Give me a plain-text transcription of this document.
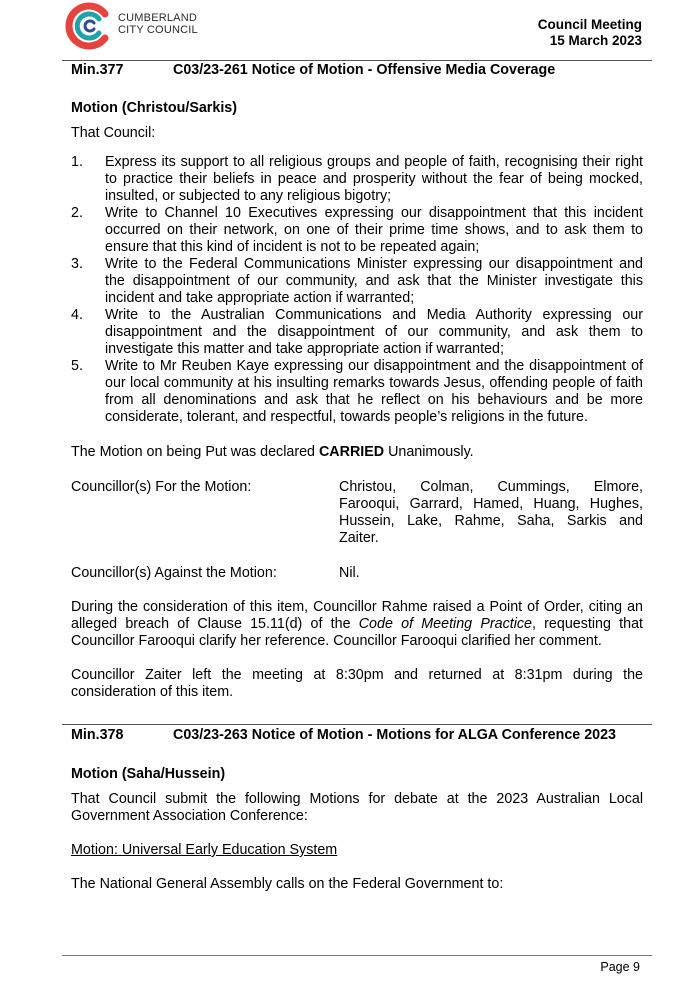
CUMBERLAND
CITY COUNCIL	Council Meeting
15 March 2023
Min.377	C03/23-261 Notice of Motion - Offensive Media Coverage
Motion (Christou/Sarkis)
That Council:
1. Express its support to all religious groups and people of faith, recognising their right to practice their beliefs in peace and prosperity without the fear of being mocked, insulted, or subjected to any religious bigotry;
2. Write to Channel 10 Executives expressing our disappointment that this incident occurred on their network, on one of their prime time shows, and to ask them to ensure that this kind of incident is not to be repeated again;
3. Write to the Federal Communications Minister expressing our disappointment and the disappointment of our community, and ask that the Minister investigate this incident and take appropriate action if warranted;
4. Write to the Australian Communications and Media Authority expressing our disappointment and the disappointment of our community, and ask them to investigate this matter and take appropriate action if warranted;
5. Write to Mr Reuben Kaye expressing our disappointment and the disappointment of our local community at his insulting remarks towards Jesus, offending people of faith from all denominations and ask that he reflect on his behaviours and be more considerate, tolerant, and respectful, towards people’s religions in the future.
The Motion on being Put was declared CARRIED Unanimously.
Councillor(s) For the Motion:	Christou, Colman, Cummings, Elmore, Farooqui, Garrard, Hamed, Huang, Hughes, Hussein, Lake, Rahme, Saha, Sarkis and Zaiter.
Councillor(s) Against the Motion:	Nil.
During the consideration of this item, Councillor Rahme raised a Point of Order, citing an alleged breach of Clause 15.11(d) of the Code of Meeting Practice, requesting that Councillor Farooqui clarify her reference. Councillor Farooqui clarified her comment.
Councillor Zaiter left the meeting at 8:30pm and returned at 8:31pm during the consideration of this item.
Min.378	C03/23-263 Notice of Motion - Motions for ALGA Conference 2023
Motion (Saha/Hussein)
That Council submit the following Motions for debate at the 2023 Australian Local Government Association Conference:
Motion: Universal Early Education System
The National General Assembly calls on the Federal Government to:
Page 9
